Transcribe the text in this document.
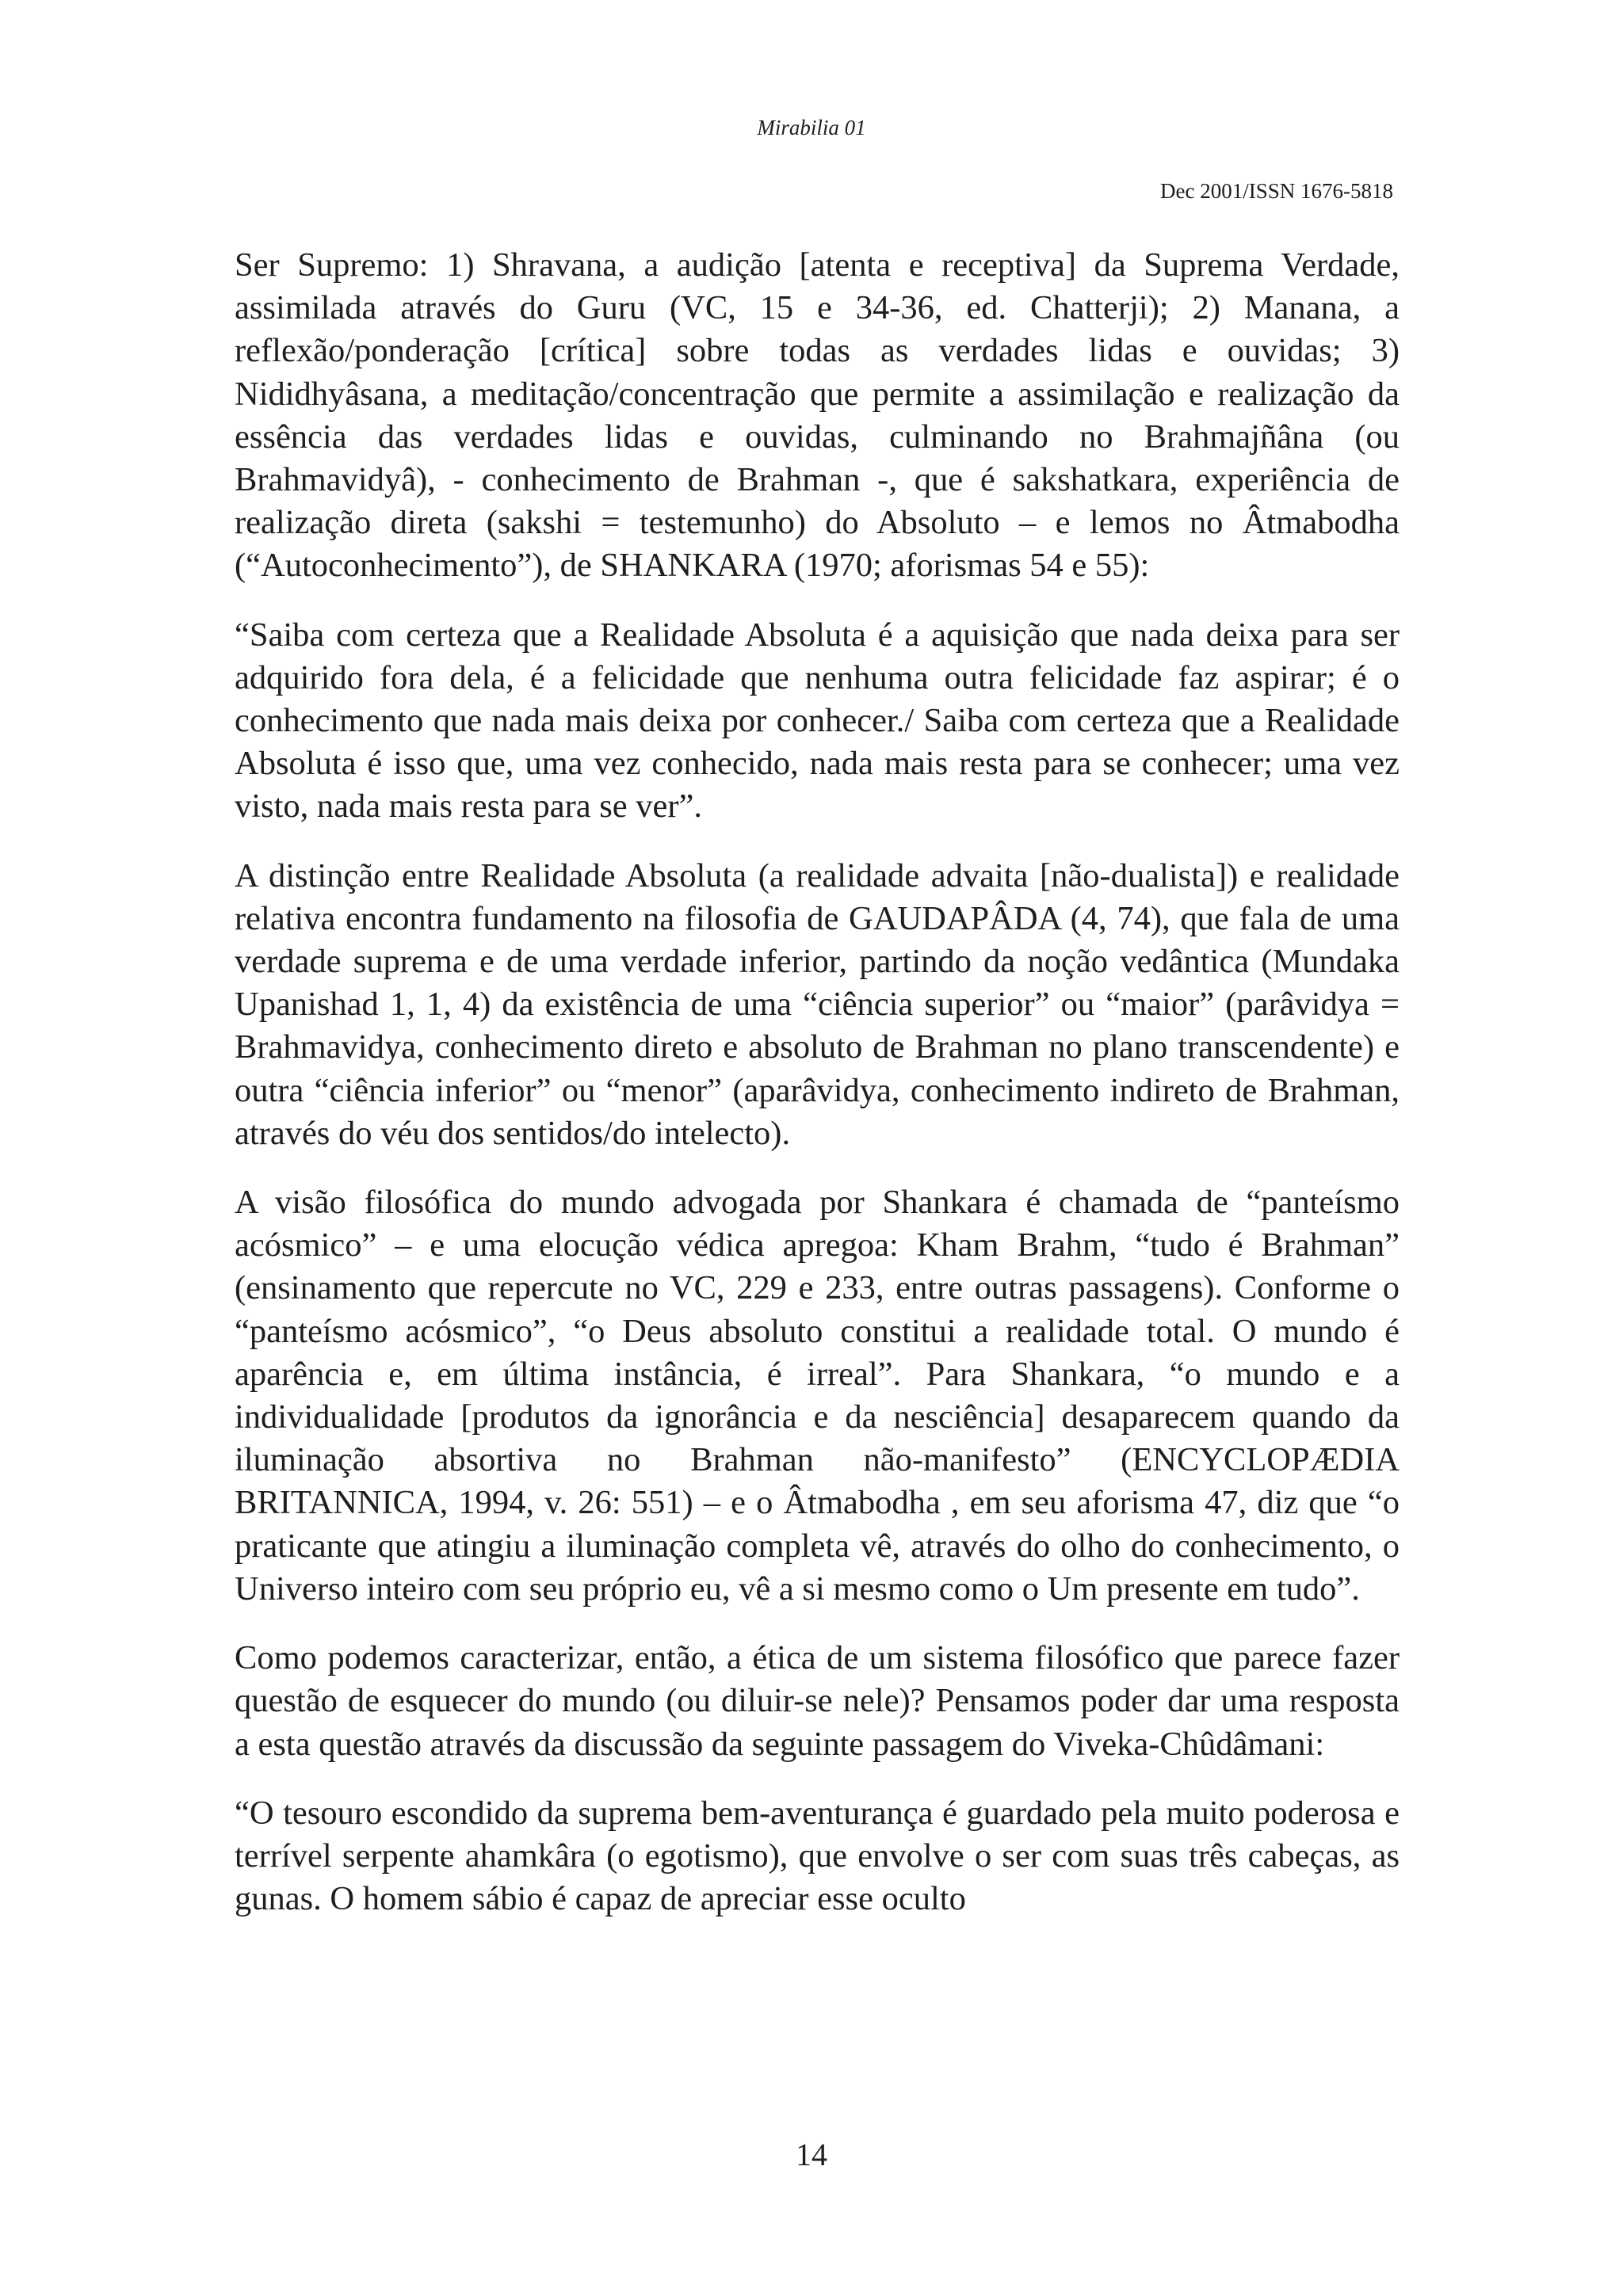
Mirabilia 01
Dec 2001/ISSN 1676-5818

Ser Supremo: 1) Shravana, a audição [atenta e receptiva] da Suprema Verdade, assimilada através do Guru (VC, 15 e 34-36, ed. Chatterji); 2) Manana, a reflexão/ponderação [crítica] sobre todas as verdades lidas e ouvidas; 3) Nididhyâsana, a meditação/concentração que permite a assimilação e realização da essência das verdades lidas e ouvidas, culminando no Brahmajñâna (ou Brahmavidyâ), - conhecimento de Brahman -, que é sakshatkara, experiência de realização direta (sakshi = testemunho) do Absoluto – e lemos no Âtmabodha (“Autoconhecimento”), de SHANKARA (1970; aforismas 54 e 55):

“Saiba com certeza que a Realidade Absoluta é a aquisição que nada deixa para ser adquirido fora dela, é a felicidade que nenhuma outra felicidade faz aspirar; é o conhecimento que nada mais deixa por conhecer./ Saiba com certeza que a Realidade Absoluta é isso que, uma vez conhecido, nada mais resta para se conhecer; uma vez visto, nada mais resta para se ver”.

A distinção entre Realidade Absoluta (a realidade advaita [não-dualista]) e realidade relativa encontra fundamento na filosofia de GAUDAPÂDA (4, 74), que fala de uma verdade suprema e de uma verdade inferior, partindo da noção vedântica (Mundaka Upanishad 1, 1, 4) da existência de uma “ciência superior” ou “maior” (parâvidya = Brahmavidya, conhecimento direto e absoluto de Brahman no plano transcendente) e outra “ciência inferior” ou “menor” (aparâvidya, conhecimento indireto de Brahman, através do véu dos sentidos/do intelecto).

A visão filosófica do mundo advogada por Shankara é chamada de “panteísmo acósmico” – e uma elocução védica apregoa: Kham Brahm, “tudo é Brahman” (ensinamento que repercute no VC, 229 e 233, entre outras passagens). Conforme o “panteísmo acósmico”, “o Deus absoluto constitui a realidade total. O mundo é aparência e, em última instância, é irreal”. Para Shankara, “o mundo e a individualidade [produtos da ignorância e da nesciência] desaparecem quando da iluminação absortiva no Brahman não-manifesto” (ENCYCLOPÆDIA BRITANNICA, 1994, v. 26: 551) – e o Âtmabodha , em seu aforisma 47, diz que “o praticante que atingiu a iluminação completa vê, através do olho do conhecimento, o Universo inteiro com seu próprio eu, vê a si mesmo como o Um presente em tudo”.

Como podemos caracterizar, então, a ética de um sistema filosófico que parece fazer questão de esquecer do mundo (ou diluir-se nele)? Pensamos poder dar uma resposta a esta questão através da discussão da seguinte passagem do Viveka-Chûdâmani:

“O tesouro escondido da suprema bem-aventurança é guardado pela muito poderosa e terrível serpente ahamkâra (o egotismo), que envolve o ser com suas três cabeças, as gunas. O homem sábio é capaz de apreciar esse oculto

14
